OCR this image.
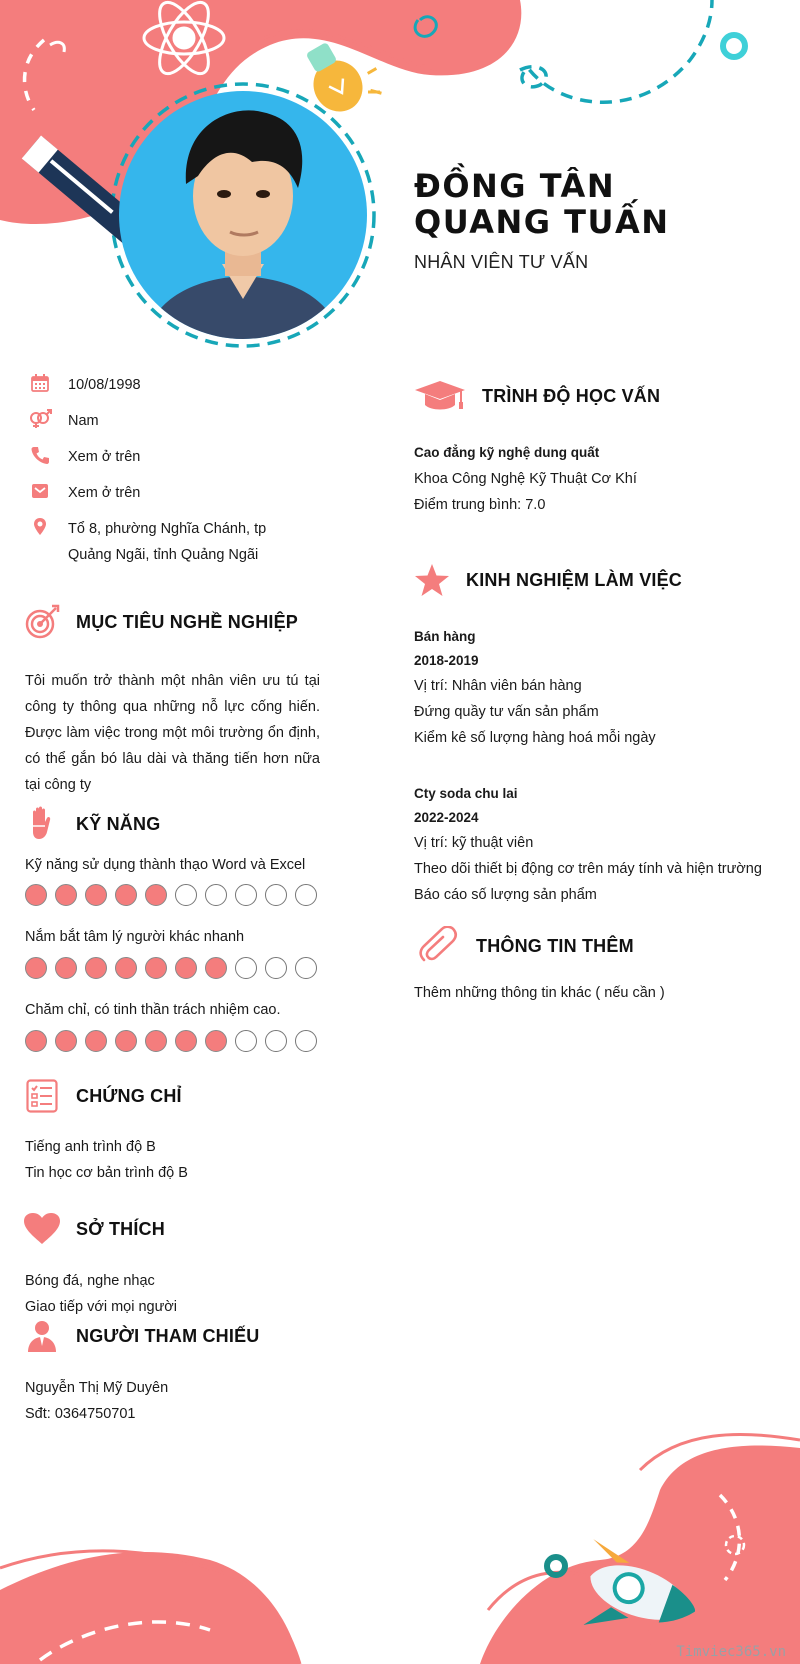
ĐỒNG TÂN QUANG TUẤN
NHÂN VIÊN TƯ VẤN
10/08/1998
Nam
Xem ở trên
Xem ở trên
Tổ 8, phường Nghĩa Chánh, tp Quảng Ngãi, tỉnh Quảng Ngãi
MỤC TIÊU NGHỀ NGHIỆP
Tôi muốn trở thành một nhân viên ưu tú tại công ty thông qua những nỗ lực cống hiến. Được làm việc trong một môi trường ổn định, có thể gắn bó lâu dài và thăng tiến hơn nữa tại công ty
KỸ NĂNG
Kỹ năng sử dụng thành thạo Word và Excel
Nắm bắt tâm lý người khác nhanh
Chăm chỉ, có tinh thần trách nhiệm cao.
CHỨNG CHỈ
Tiếng anh trình độ B
Tin học cơ bản trình độ B
SỞ THÍCH
Bóng đá, nghe nhạc
Giao tiếp với mọi người
NGƯỜI THAM CHIẾU
Nguyễn Thị Mỹ Duyên
Sđt: 0364750701
TRÌNH ĐỘ HỌC VẤN
Cao đẳng kỹ nghệ dung quất
Khoa Công Nghệ Kỹ Thuật Cơ Khí
Điểm trung bình: 7.0
KINH NGHIỆM LÀM VIỆC
Bán hàng
2018-2019
Vị trí: Nhân viên bán hàng
Đứng quầy tư vấn sản phẩm
Kiểm kê số lượng hàng hoá mỗi ngày
Cty soda chu lai
2022-2024
Vị trí: kỹ thuật viên
Theo dõi thiết bị động cơ trên máy tính và hiện trường
Báo cáo số lượng sản phẩm
THÔNG TIN THÊM
Thêm những thông tin khác ( nếu cần )
Timviec365.vn
